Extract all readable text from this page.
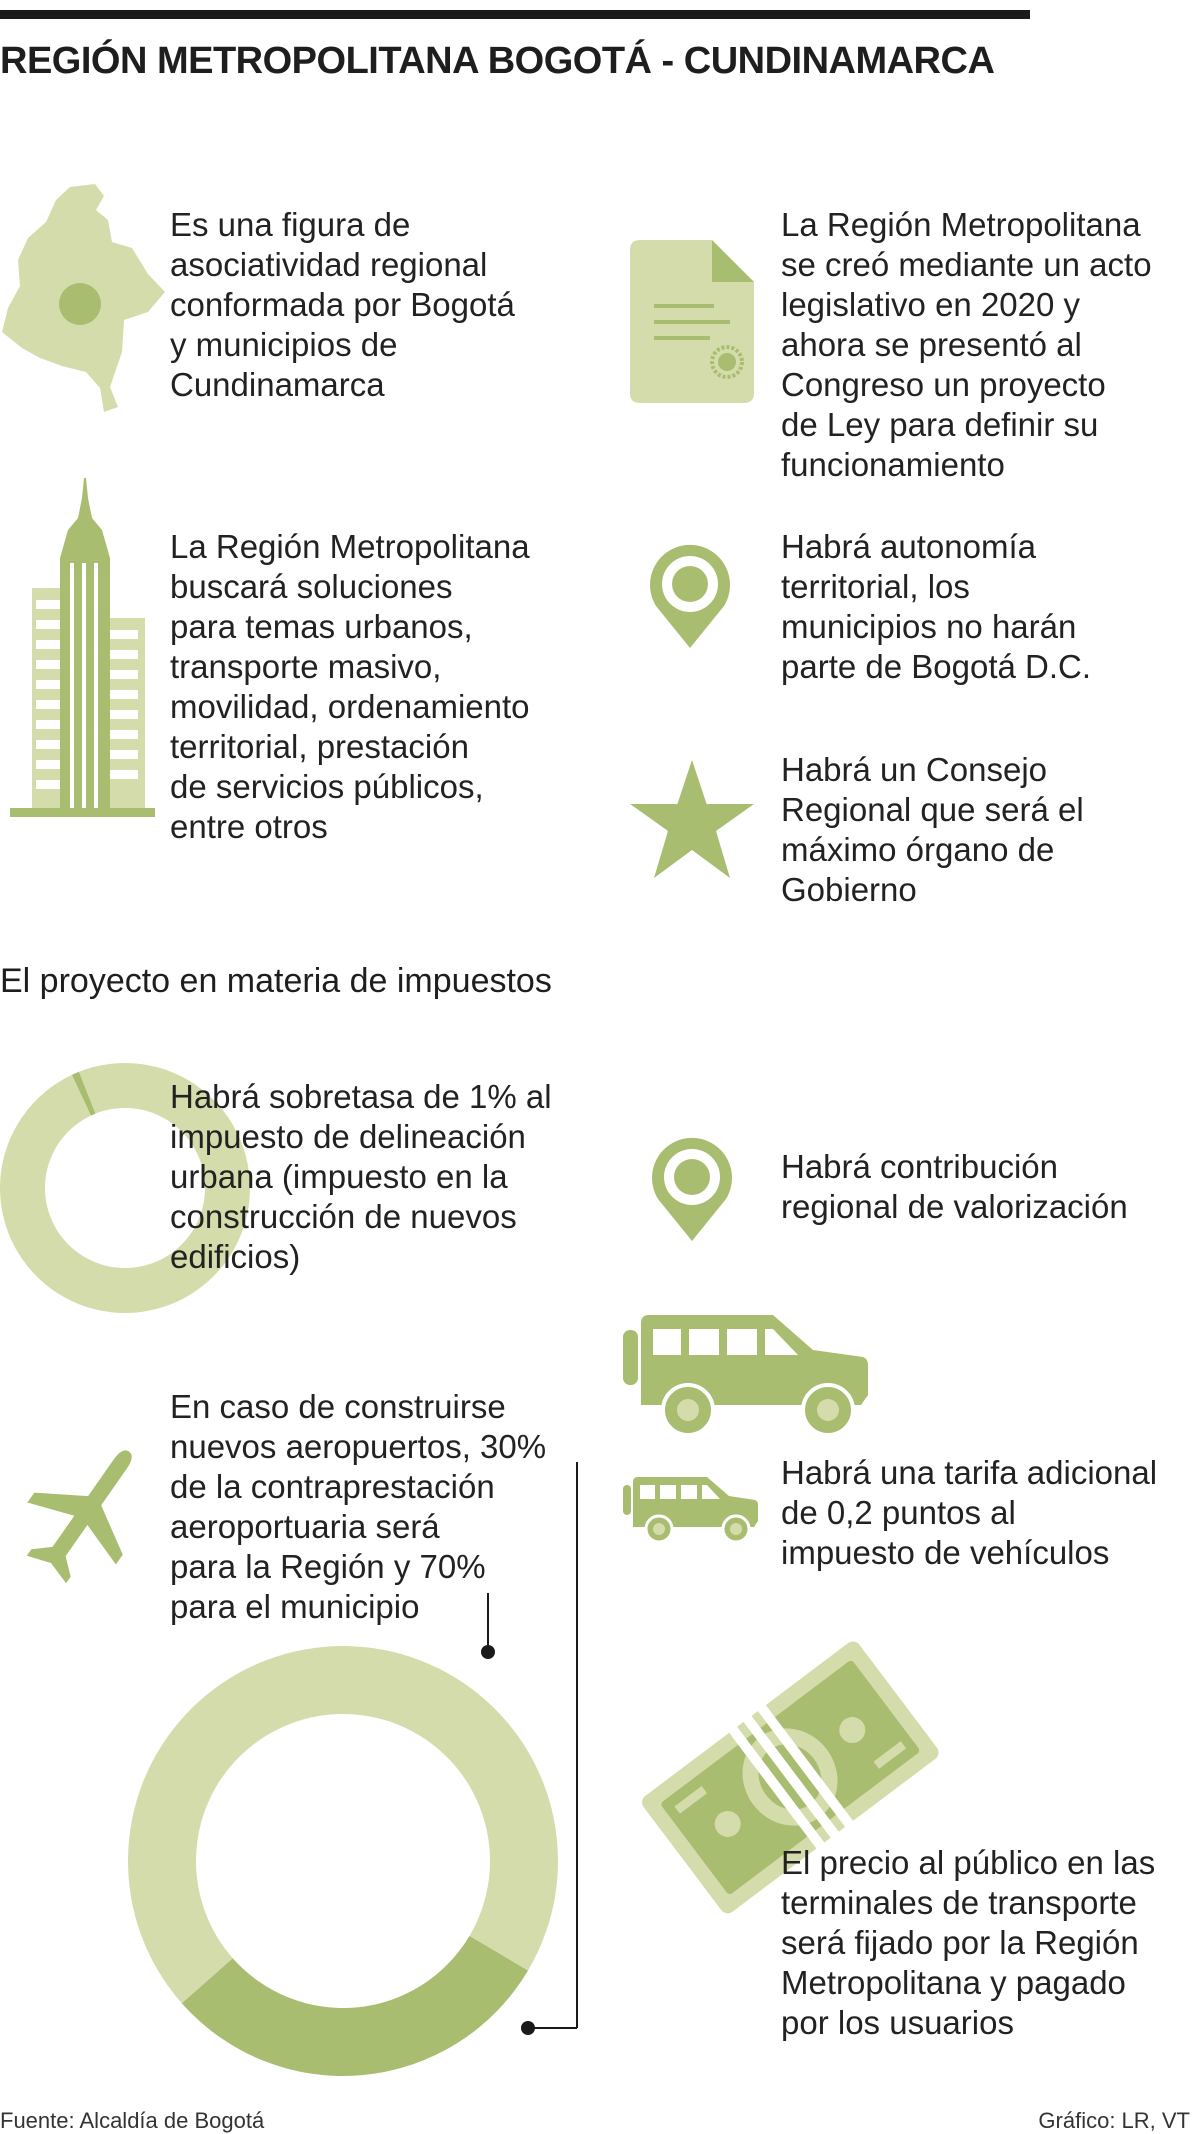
REGIÓN METROPOLITANA BOGOTÁ - CUNDINAMARCA
Es una figura de
asociatividad regional
conformada por Bogotá
y municipios de
Cundinamarca
La Región Metropolitana
se creó mediante un acto
legislativo en 2020 y
ahora se presentó al
Congreso un proyecto
de Ley para definir su
funcionamiento
La Región Metropolitana
buscará soluciones
para temas urbanos,
transporte masivo,
movilidad, ordenamiento
territorial, prestación
de servicios públicos,
entre otros
Habrá autonomía
territorial, los
municipios no harán
parte de Bogotá D.C.
Habrá un Consejo
Regional que será el
máximo órgano de
Gobierno
El proyecto en materia de impuestos
Habrá sobretasa de 1% al
impuesto de delineación
urbana (impuesto en la
construcción de nuevos
edificios)
Habrá contribución
regional de valorización
Habrá una tarifa adicional
de 0,2 puntos al
impuesto de vehículos
En caso de construirse
nuevos aeropuertos, 30%
de la contraprestación
aeroportuaria será
para la Región y 70%
para el municipio
El precio al público en las
terminales de transporte
será fijado por la Región
Metropolitana y pagado
por los usuarios
Fuente: Alcaldía de Bogotá	Gráfico: LR, VT
